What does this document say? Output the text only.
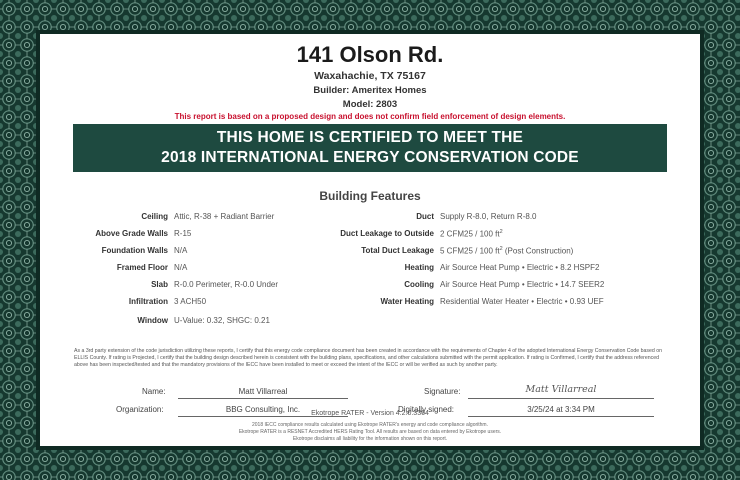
141 Olson Rd.
Waxahachie, TX 75167
Builder: Ameritex Homes
Model: 2803
This report is based on a proposed design and does not confirm field enforcement of design elements.
THIS HOME IS CERTIFIED TO MEET THE
2018 INTERNATIONAL ENERGY CONSERVATION CODE
Building Features
Ceiling Attic, R-38 + Radiant Barrier
Above Grade Walls R-15
Foundation Walls N/A
Framed Floor N/A
Slab R-0.0 Perimeter, R-0.0 Under
Infiltration 3 ACH50
Window U-Value: 0.32, SHGC: 0.21
Duct Supply R-8.0, Return R-8.0
Duct Leakage to Outside 2 CFM25 / 100 $ft^2$
Total Duct Leakage 5 CFM25 / 100 $ft^2$ (Post Construction)
Heating Air Source Heat Pump • Electric • 8.2 HSPF2
Cooling Air Source Heat Pump • Electric • 14.7 SEER2
Water Heating Residential Water Heater • Electric • 0.93 UEF
As a 3rd party extension of the code jurisdiction utilizing these reports, I certify that this energy code compliance document has been created in accordance with the requirements of Chapter 4 of the adopted International Energy Conservation Code based on ELLIS County. If rating is Projected, I certify that the building design described herein is consistent with the building plans, specifications, and other calculations submitted with the permit application. If rating is Confirmed, I certify that the address referenced above has been inspected/tested and that the mandatory provisions of the IECC have been installed to meet or exceed the intent of the IECC or will be verified as such by another party.
Name:	Matt Villarreal	Signature:	Matt Villarreal
Organization:	BBG Consulting, Inc.	Digitally signed:	3/25/24 at 3:34 PM
Ekotrope RATER - Version 4.2.0.3364
2018 IECC compliance results calculated using Ekotrope RATER's energy and code compliance algorithm.
Ekotrope RATER is a RESNET Accredited HERS Rating Tool. All results are based on data entered by Ekotrope users.
Ekotrope disclaims all liability for the information shown on this report.
